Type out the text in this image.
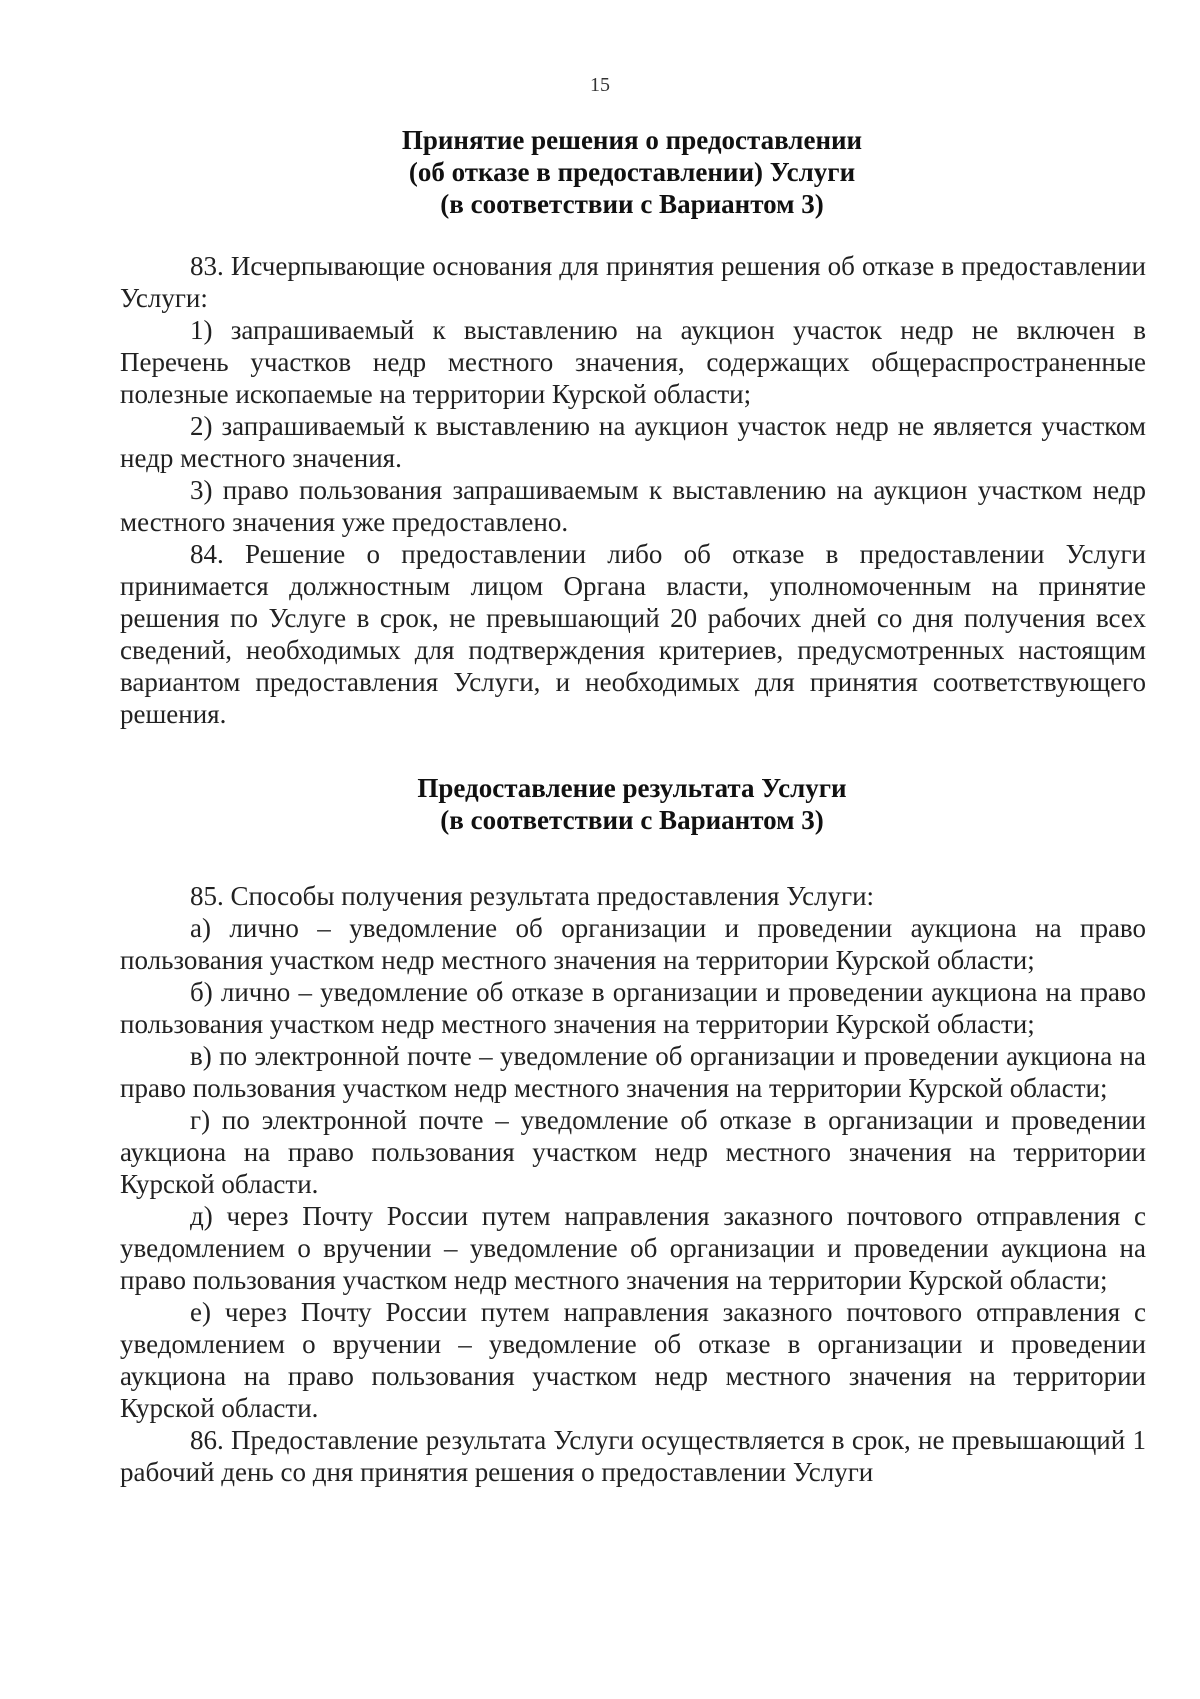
15
Принятие решения о предоставлении
(об отказе в предоставлении) Услуги
(в соответствии с Вариантом 3)

83. Исчерпывающие основания для принятия решения об отказе в предоставлении Услуги:

1) запрашиваемый к выставлению на аукцион участок недр не включен в Перечень участков недр местного значения, содержащих общераспространенные полезные ископаемые на территории Курской области;

2) запрашиваемый к выставлению на аукцион участок недр не является участком недр местного значения.

3) право пользования запрашиваемым к выставлению на аукцион участком недр местного значения уже предоставлено.

84. Решение о предоставлении либо об отказе в предоставлении Услуги принимается должностным лицом Органа власти, уполномоченным на принятие решения по Услуге в срок, не превышающий 20 рабочих дней со дня получения всех сведений, необходимых для подтверждения критериев, предусмотренных настоящим вариантом предоставления Услуги, и необходимых для принятия соответствующего решения.

Предоставление результата Услуги
(в соответствии с Вариантом 3)

85. Способы получения результата предоставления Услуги:

а) лично – уведомление об организации и проведении аукциона на право пользования участком недр местного значения на территории Курской области;

б) лично – уведомление об отказе в организации и проведении аукциона на право пользования участком недр местного значения на территории Курской области;

в) по электронной почте – уведомление об организации и проведении аукциона на право пользования участком недр местного значения на территории Курской области;

г) по электронной почте – уведомление об отказе в организации и проведении аукциона на право пользования участком недр местного значения на территории Курской области.

д) через Почту России путем направления заказного почтового отправления с уведомлением о вручении – уведомление об организации и проведении аукциона на право пользования участком недр местного значения на территории Курской области;

е) через Почту России путем направления заказного почтового отправления с уведомлением о вручении – уведомление об отказе в организации и проведении аукциона на право пользования участком недр местного значения на территории Курской области.

86. Предоставление результата Услуги осуществляется в срок, не превышающий 1 рабочий день со дня принятия решения о предоставлении Услуги
